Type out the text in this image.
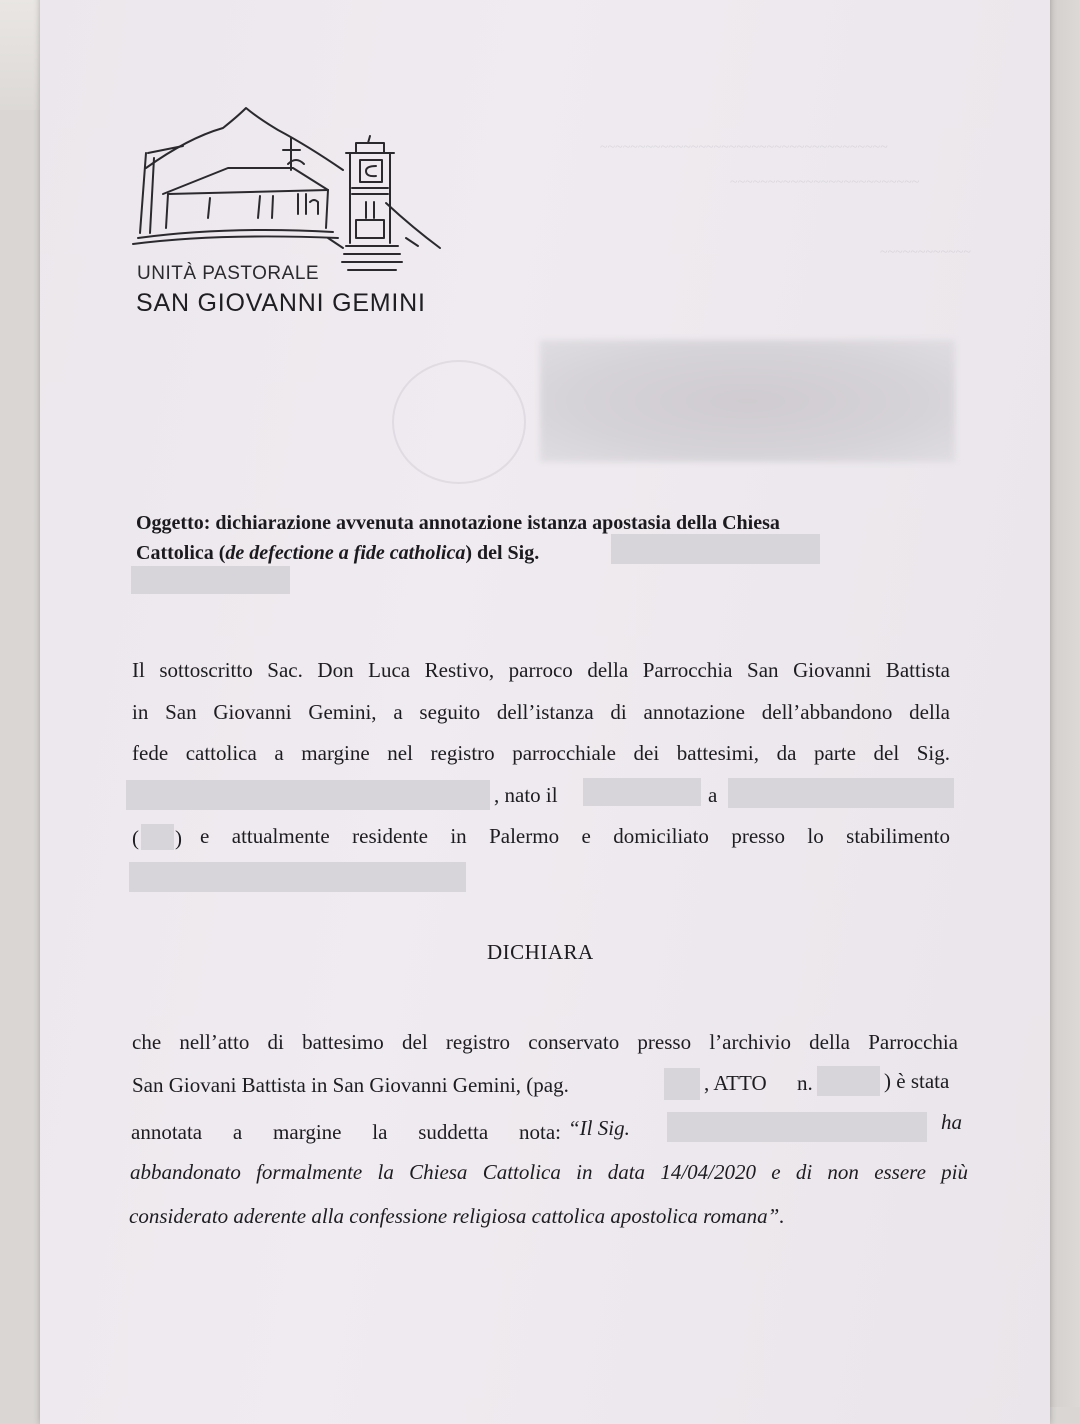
~~~~~~~~~~~~~~~~~~~~~~~~~~~~~~~~~~~~~~
~~~~~~~~~~~~~~~~~~~~~~~~~
~~~~~~~~~~~~
UNITÀ PASTORALE
SAN GIOVANNI GEMINI
Oggetto: dichiarazione avvenuta annotazione istanza apostasia della Chiesa
Cattolica (de defectione a fide catholica) del Sig.
Il sottoscritto Sac. Don Luca Restivo, parroco della Parrocchia San Giovanni Battista
in San Giovanni Gemini, a seguito dell’istanza di annotazione dell’abbandono della
fede cattolica a margine nel registro parrocchiale dei battesimi, da parte del Sig.
, nato il	a
( ) e attualmente residente in Palermo e domiciliato presso lo stabilimento
DICHIARA
che nell’atto di battesimo del registro conservato presso l’archivio della Parrocchia
San Giovani Battista in San Giovanni Gemini, (pag.	, ATTO n.	) è stata
annotata a margine la suddetta nota: “Il Sig.	ha
abbandonato formalmente la Chiesa Cattolica in data 14/04/2020 e di non essere più
considerato aderente alla confessione religiosa cattolica apostolica romana”.
